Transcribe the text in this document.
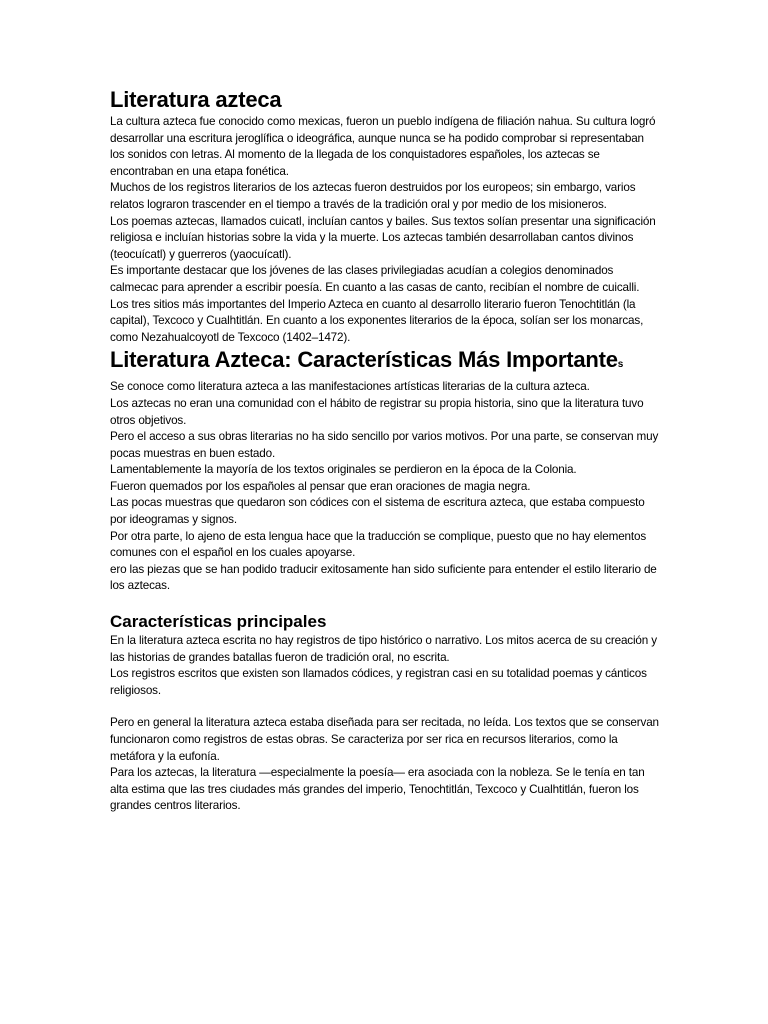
Literatura azteca

La cultura azteca fue conocido como mexicas, fueron un pueblo indígena de filiación nahua. Su cultura logró desarrollar una escritura jeroglífica o ideográfica, aunque nunca se ha podido comprobar si representaban los sonidos con letras. Al momento de la llegada de los conquistadores españoles, los aztecas se encontraban en una etapa fonética.

Muchos de los registros literarios de los aztecas fueron destruidos por los europeos; sin embargo, varios relatos lograron trascender en el tiempo a través de la tradición oral y por medio de los misioneros.

Los poemas aztecas, llamados cuicatl, incluían cantos y bailes. Sus textos solían presentar una significación religiosa e incluían historias sobre la vida y la muerte. Los aztecas también desarrollaban cantos divinos (teocuícatl) y guerreros (yaocuícatl).

Es importante destacar que los jóvenes de las clases privilegiadas acudían a colegios denominados calmecac para aprender a escribir poesía. En cuanto a las casas de canto, recibían el nombre de cuicalli.

Los tres sitios más importantes del Imperio Azteca en cuanto al desarrollo literario fueron Tenochtitlán (la capital), Texcoco y Cualhtitlán. En cuanto a los exponentes literarios de la época, solían ser los monarcas, como Nezahualcoyotl de Texcoco (1402–1472).

Literatura Azteca: Características Más Importantes

Se conoce como literatura azteca a las manifestaciones artísticas literarias de la cultura azteca.

Los aztecas no eran una comunidad con el hábito de registrar su propia historia, sino que la literatura tuvo otros objetivos.

Pero el acceso a sus obras literarias no ha sido sencillo por varios motivos. Por una parte, se conservan muy pocas muestras en buen estado.

Lamentablemente la mayoría de los textos originales se perdieron en la época de la Colonia.

Fueron quemados por los españoles al pensar que eran oraciones de magia negra.

Las pocas muestras que quedaron son códices con el sistema de escritura azteca, que estaba compuesto por ideogramas y signos.

Por otra parte, lo ajeno de esta lengua hace que la traducción se complique, puesto que no hay elementos comunes con el español en los cuales apoyarse.

ero las piezas que se han podido traducir exitosamente han sido suficiente para entender el estilo literario de los aztecas.

Características principales

En la literatura azteca escrita no hay registros de tipo histórico o narrativo. Los mitos acerca de su creación y las historias de grandes batallas fueron de tradición oral, no escrita.

Los registros escritos que existen son llamados códices, y registran casi en su totalidad poemas y cánticos religiosos.

Pero en general la literatura azteca estaba diseñada para ser recitada, no leída. Los textos que se conservan funcionaron como registros de estas obras. Se caracteriza por ser rica en recursos literarios, como la metáfora y la eufonía.

Para los aztecas, la literatura —especialmente la poesía— era asociada con la nobleza. Se le tenía en tan alta estima que las tres ciudades más grandes del imperio, Tenochtitlán, Texcoco y Cualhtitlán, fueron los grandes centros literarios.
